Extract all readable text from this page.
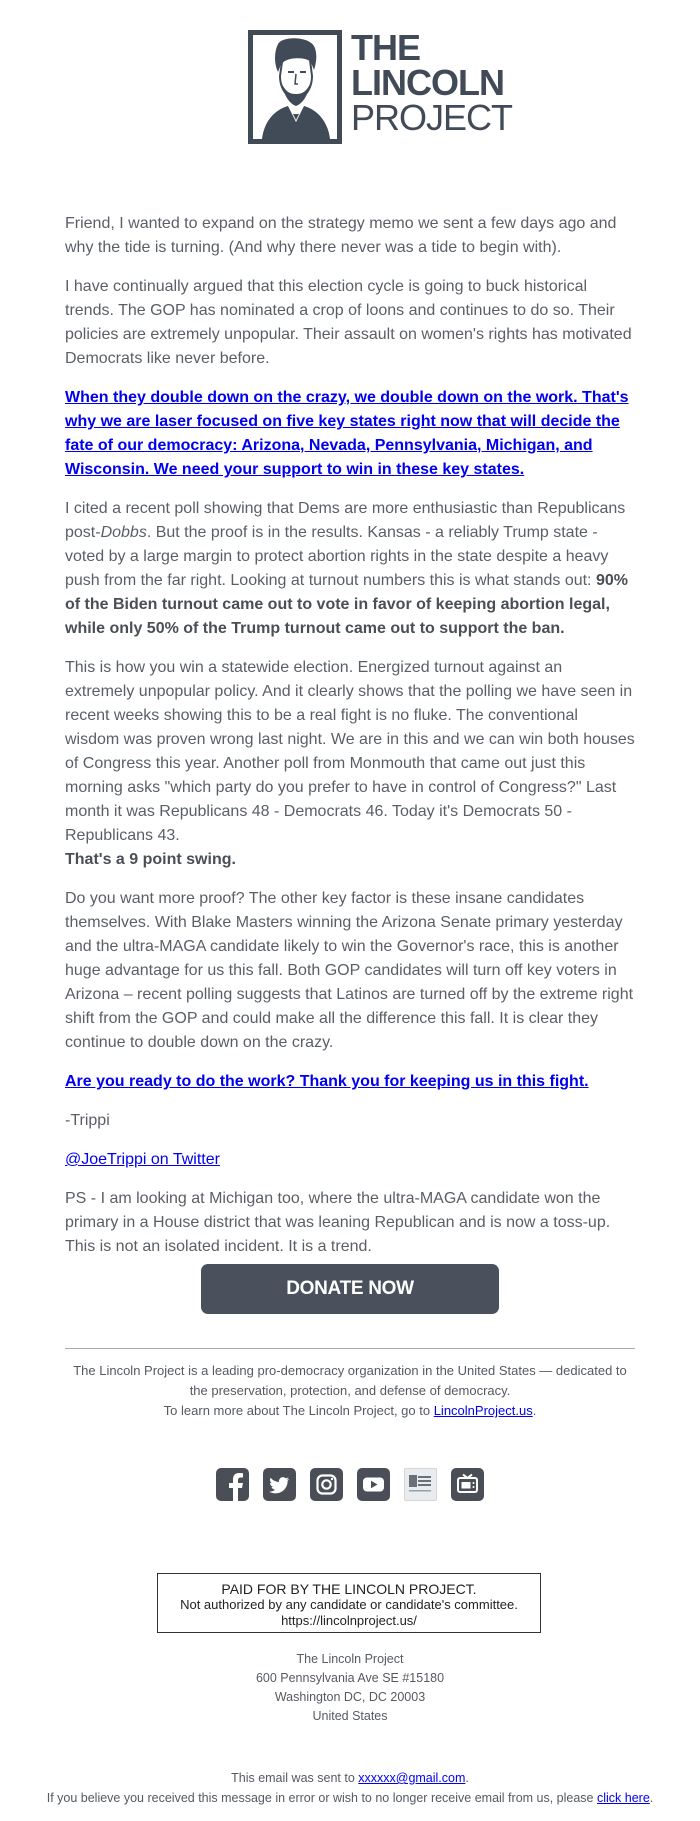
THE
LINCOLN
PROJECT

Friend, I wanted to expand on the strategy memo we sent a few days ago and why the tide is turning. (And why there never was a tide to begin with).

I have continually argued that this election cycle is going to buck historical trends. The GOP has nominated a crop of loons and continues to do so. Their policies are extremely unpopular. Their assault on women's rights has motivated Democrats like never before.

When they double down on the crazy, we double down on the work. That's why we are laser focused on five key states right now that will decide the fate of our democracy: Arizona, Nevada, Pennsylvania, Michigan, and Wisconsin. We need your support to win in these key states.

I cited a recent poll showing that Dems are more enthusiastic than Republicans post-Dobbs. But the proof is in the results. Kansas - a reliably Trump state - voted by a large margin to protect abortion rights in the state despite a heavy push from the far right. Looking at turnout numbers this is what stands out: 90% of the Biden turnout came out to vote in favor of keeping abortion legal, while only 50% of the Trump turnout came out to support the ban.

This is how you win a statewide election. Energized turnout against an extremely unpopular policy. And it clearly shows that the polling we have seen in recent weeks showing this to be a real fight is no fluke. The conventional wisdom was proven wrong last night. We are in this and we can win both houses of Congress this year. Another poll from Monmouth that came out just this morning asks "which party do you prefer to have in control of Congress?" Last month it was Republicans 48 - Democrats 46. Today it's Democrats 50 - Republicans 43.
That's a 9 point swing.

Do you want more proof? The other key factor is these insane candidates themselves. With Blake Masters winning the Arizona Senate primary yesterday and the ultra-MAGA candidate likely to win the Governor's race, this is another huge advantage for us this fall. Both GOP candidates will turn off key voters in Arizona – recent polling suggests that Latinos are turned off by the extreme right shift from the GOP and could make all the difference this fall. It is clear they continue to double down on the crazy.

Are you ready to do the work? Thank you for keeping us in this fight.

-Trippi

@JoeTrippi on Twitter

PS - I am looking at Michigan too, where the ultra-MAGA candidate won the primary in a House district that was leaning Republican and is now a toss-up. This is not an isolated incident. It is a trend.

DONATE NOW
The Lincoln Project is a leading pro-democracy organization in the United States — dedicated to the preservation, protection, and defense of democracy.
To learn more about The Lincoln Project, go to LincolnProject.us.
PAID FOR BY THE LINCOLN PROJECT.
Not authorized by any candidate or candidate's committee.
https://lincolnproject.us/
The Lincoln Project
600 Pennsylvania Ave SE #15180
Washington DC, DC 20003
United States
This email was sent to xxxxxx@gmail.com.
If you believe you received this message in error or wish to no longer receive email from us, please click here.
